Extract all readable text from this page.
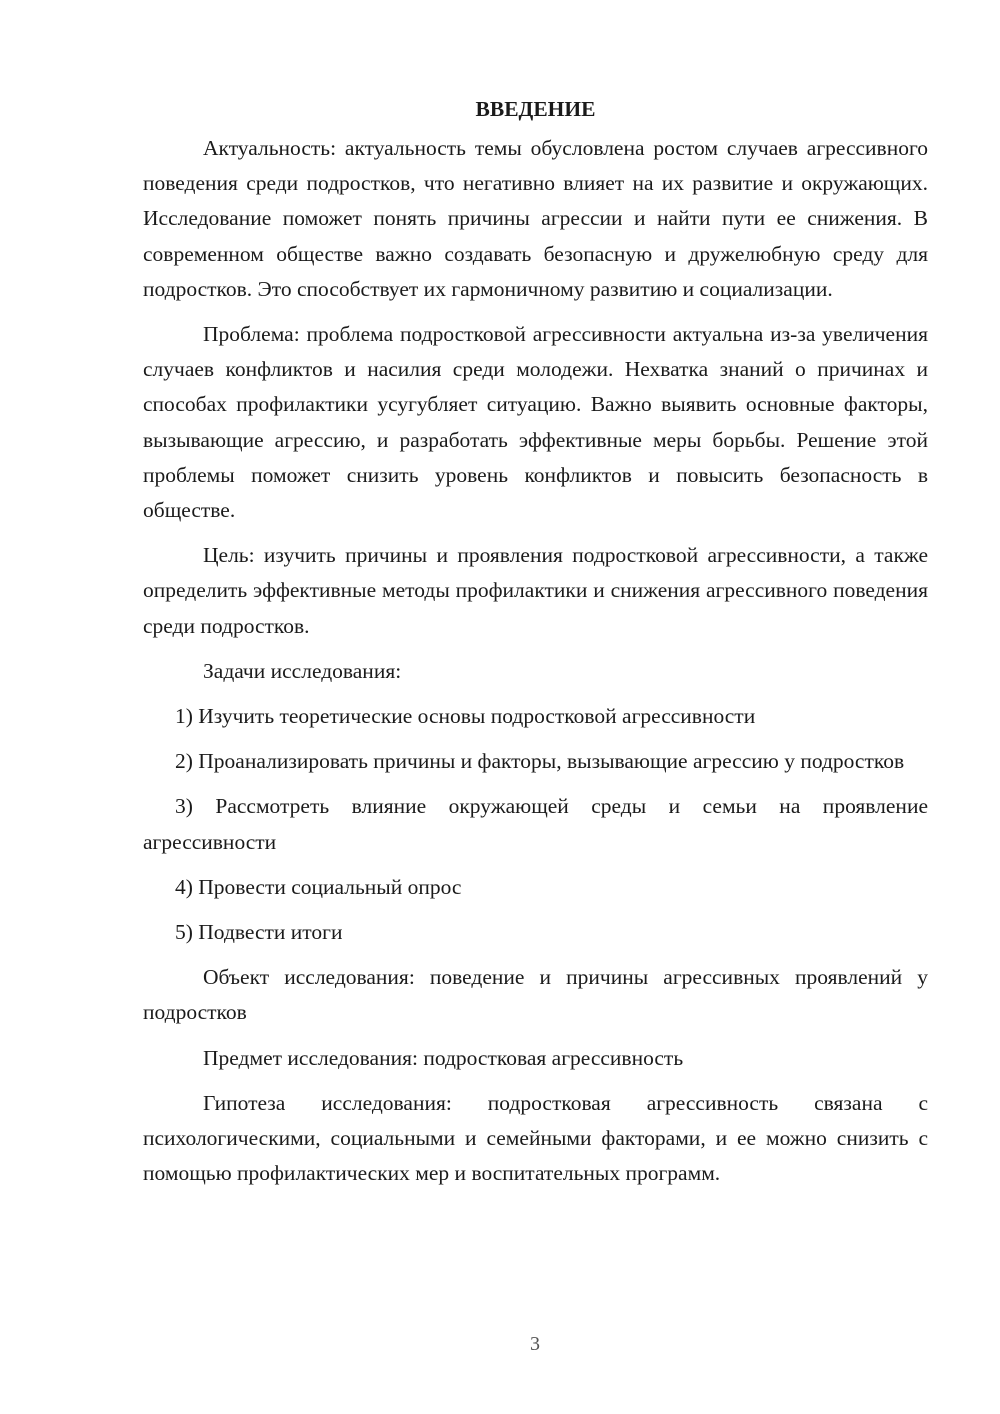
ВВЕДЕНИЕ

Актуальность: актуальность темы обусловлена ростом случаев агрессивного поведения среди подростков, что негативно влияет на их развитие и окружающих. Исследование поможет понять причины агрессии и найти пути ее снижения. В современном обществе важно создавать безопасную и дружелюбную среду для подростков. Это способствует их гармоничному развитию и социализации.

Проблема: проблема подростковой агрессивности актуальна из-за увеличения случаев конфликтов и насилия среди молодежи. Нехватка знаний о причинах и способах профилактики усугубляет ситуацию. Важно выявить основные факторы, вызывающие агрессию, и разработать эффективные меры борьбы. Решение этой проблемы поможет снизить уровень конфликтов и повысить безопасность в обществе.

Цель: изучить причины и проявления подростковой агрессивности, а также определить эффективные методы профилактики и снижения агрессивного поведения среди подростков.

Задачи исследования:

1) Изучить теоретические основы подростковой агрессивности

2) Проанализировать причины и факторы, вызывающие агрессию у подростков

3) Рассмотреть влияние окружающей среды и семьи на проявление агрессивности

4) Провести социальный опрос

5) Подвести итоги

Объект исследования: поведение и причины агрессивных проявлений у подростков

Предмет исследования: подростковая агрессивность

Гипотеза исследования: подростковая агрессивность связана с психологическими, социальными и семейными факторами, и ее можно снизить с помощью профилактических мер и воспитательных программ.

3
